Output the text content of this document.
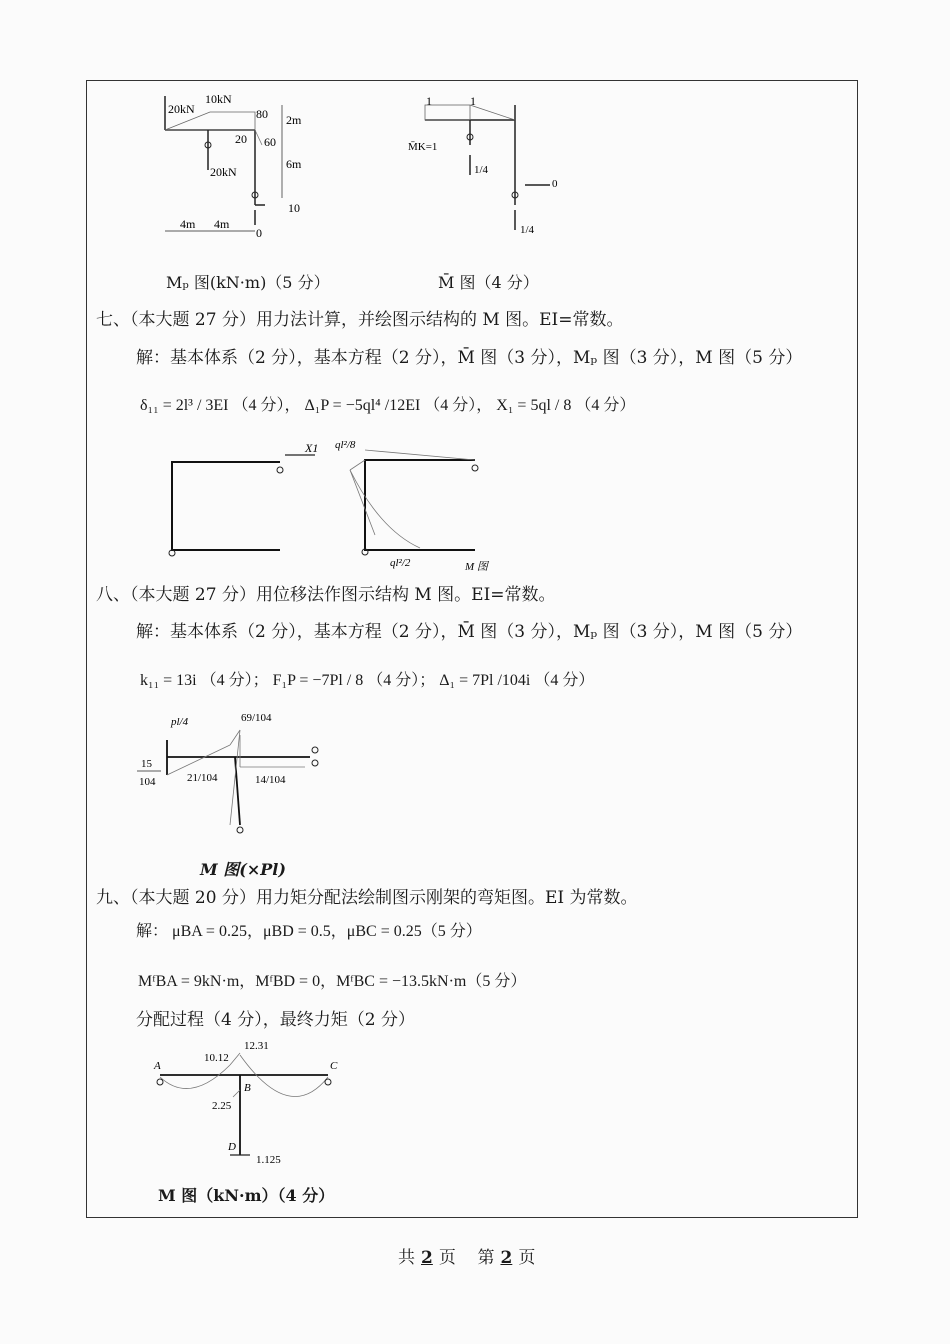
20kN
10kN
80
20 60
20kN
2m
6m
10
0
4m 4m
1	1
M̄K=1
1/4
0
1/4
Mₚ 图(kN·m)（5 分）	M̄ 图（4 分）
七、（本大题 27 分）用力法计算，并绘图示结构的 M 图。EI=常数。
解：基本体系（2 分），基本方程（2 分），M̄ 图（3 分），Mₚ 图（3 分），M 图（5 分）
δ₁₁ = 2l³ / 3EI （4 分）， Δ₁P = −5ql⁴ /12EI （4 分）， X₁ = 5ql / 8 （4 分）
X1 ql²/8
ql²/2	M 图
八、（本大题 27 分）用位移法作图示结构 M 图。EI=常数。
解：基本体系（2 分），基本方程（2 分），M̄ 图（3 分），Mₚ 图（3 分），M 图（5 分）
k₁₁ = 13i （4 分）； F₁P = −7Pl / 8 （4 分）； Δ₁ = 7Pl /104i （4 分）
pl/4	69/104
15
104	21/104	14/104
M 图(×Pl)
九、（本大题 20 分）用力矩分配法绘制图示刚架的弯矩图。EI 为常数。
解： μBA = 0.25，μBD = 0.5，μBC = 0.25（5 分）
MᶠBA = 9kN·m，MᶠBD = 0，MᶠBC = −13.5kN·m（5 分）
分配过程（4 分），最终力矩（2 分）
A
B
C
D
10.12
12.31
2.25
1.125
M 图（kN·m）（4 分）
共 2 页 第 2 页
